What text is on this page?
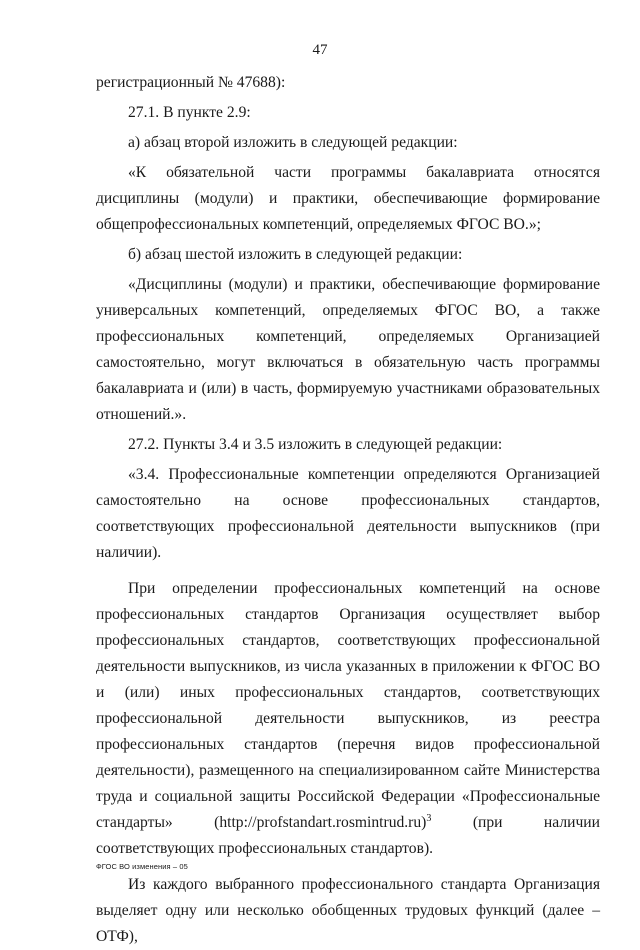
47

регистрационный № 47688):

27.1. В пункте 2.9:

а) абзац второй изложить в следующей редакции:

«К обязательной части программы бакалавриата относятся дисциплины (модули) и практики, обеспечивающие формирование общепрофессиональных компетенций, определяемых ФГОС ВО.»;

б) абзац шестой изложить в следующей редакции:

«Дисциплины (модули) и практики, обеспечивающие формирование универсальных компетенций, определяемых ФГОС ВО, а также профессиональных компетенций, определяемых Организацией самостоятельно, могут включаться в обязательную часть программы бакалавриата и (или) в часть, формируемую участниками образовательных отношений.».

27.2. Пункты 3.4 и 3.5 изложить в следующей редакции:

«3.4. Профессиональные компетенции определяются Организацией самостоятельно на основе профессиональных стандартов, соответствующих профессиональной деятельности выпускников (при наличии).

При определении профессиональных компетенций на основе профессиональных стандартов Организация осуществляет выбор профессиональных стандартов, соответствующих профессиональной деятельности выпускников, из числа указанных в приложении к ФГОС ВО и (или) иных профессиональных стандартов, соответствующих профессиональной деятельности выпускников, из реестра профессиональных стандартов (перечня видов профессиональной деятельности), размещенного на специализированном сайте Министерства труда и социальной защиты Российской Федерации «Профессиональные стандарты» (http://profstandart.rosmintrud.ru)$^3$	(при наличии соответствующих профессиональных стандартов).

Из каждого выбранного профессионального стандарта Организация выделяет одну или несколько обобщенных трудовых функций (далее – ОТФ),

ФГОС ВО изменения – 05
